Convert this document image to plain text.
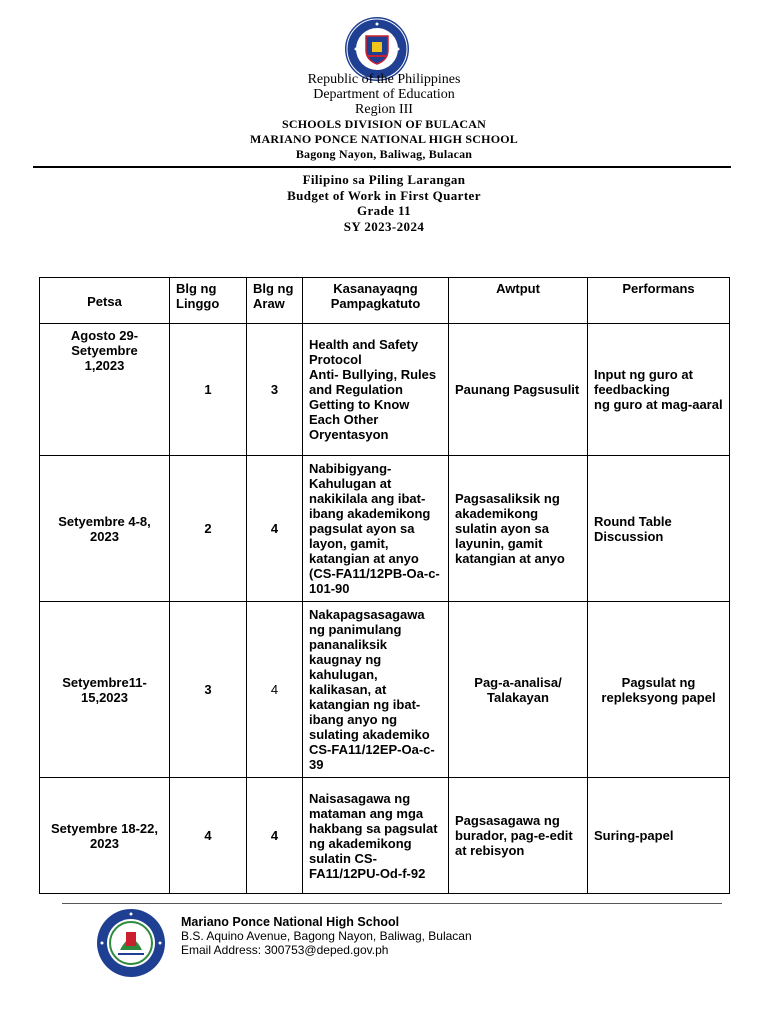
Republic of the Philippines
Department of Education
Region III
SCHOOLS DIVISION OF BULACAN
MARIANO PONCE NATIONAL HIGH SCHOOL
Bagong Nayon, Baliwag, Bulacan
Filipino sa Piling Larangan
Budget of Work in First Quarter
Grade 11
SY 2023-2024
Petsa	Blg ng Linggo	Blg ng Araw	Kasanayaqng Pampagkatuto	Awtput	Performans
Agosto 29-
Setyembre
1,2023	1	3	Health and Safety Protocol
Anti- Bullying, Rules and Regulation
Getting to Know Each Other
Oryentasyon	Paunang Pagsusulit	Input ng guro at feedbacking
ng guro at mag-aaral
Setyembre 4-8, 2023	2	4	Nabibigyang-Kahulugan at nakikilala ang ibat-ibang akademikong pagsulat ayon sa layon, gamit, katangian at anyo (CS-FA11/12PB-Oa-c-101-90	Pagsasaliksik ng akademikong sulatin ayon sa layunin, gamit katangian at anyo	Round Table Discussion
Setyembre11-15,2023	3	4	Nakapagsasagawa ng panimulang pananaliksik kaugnay ng kahulugan, kalikasan, at katangian ng ibat-ibang anyo ng sulating akademiko CS-FA11/12EP-Oa-c-39	Pag-a-analisa/
Talakayan	Pagsulat ng repleksyong papel
Setyembre 18-22, 2023	4	4	Naisasagawa ng mataman ang mga hakbang sa pagsulat ng akademikong sulatin CS-FA11/12PU-Od-f-92	Pagsasagawa ng burador, pag-e-edit at rebisyon	Suring-papel
Mariano Ponce National High School
B.S. Aquino Avenue, Bagong Nayon, Baliwag, Bulacan
Email Address: 300753@deped.gov.ph
